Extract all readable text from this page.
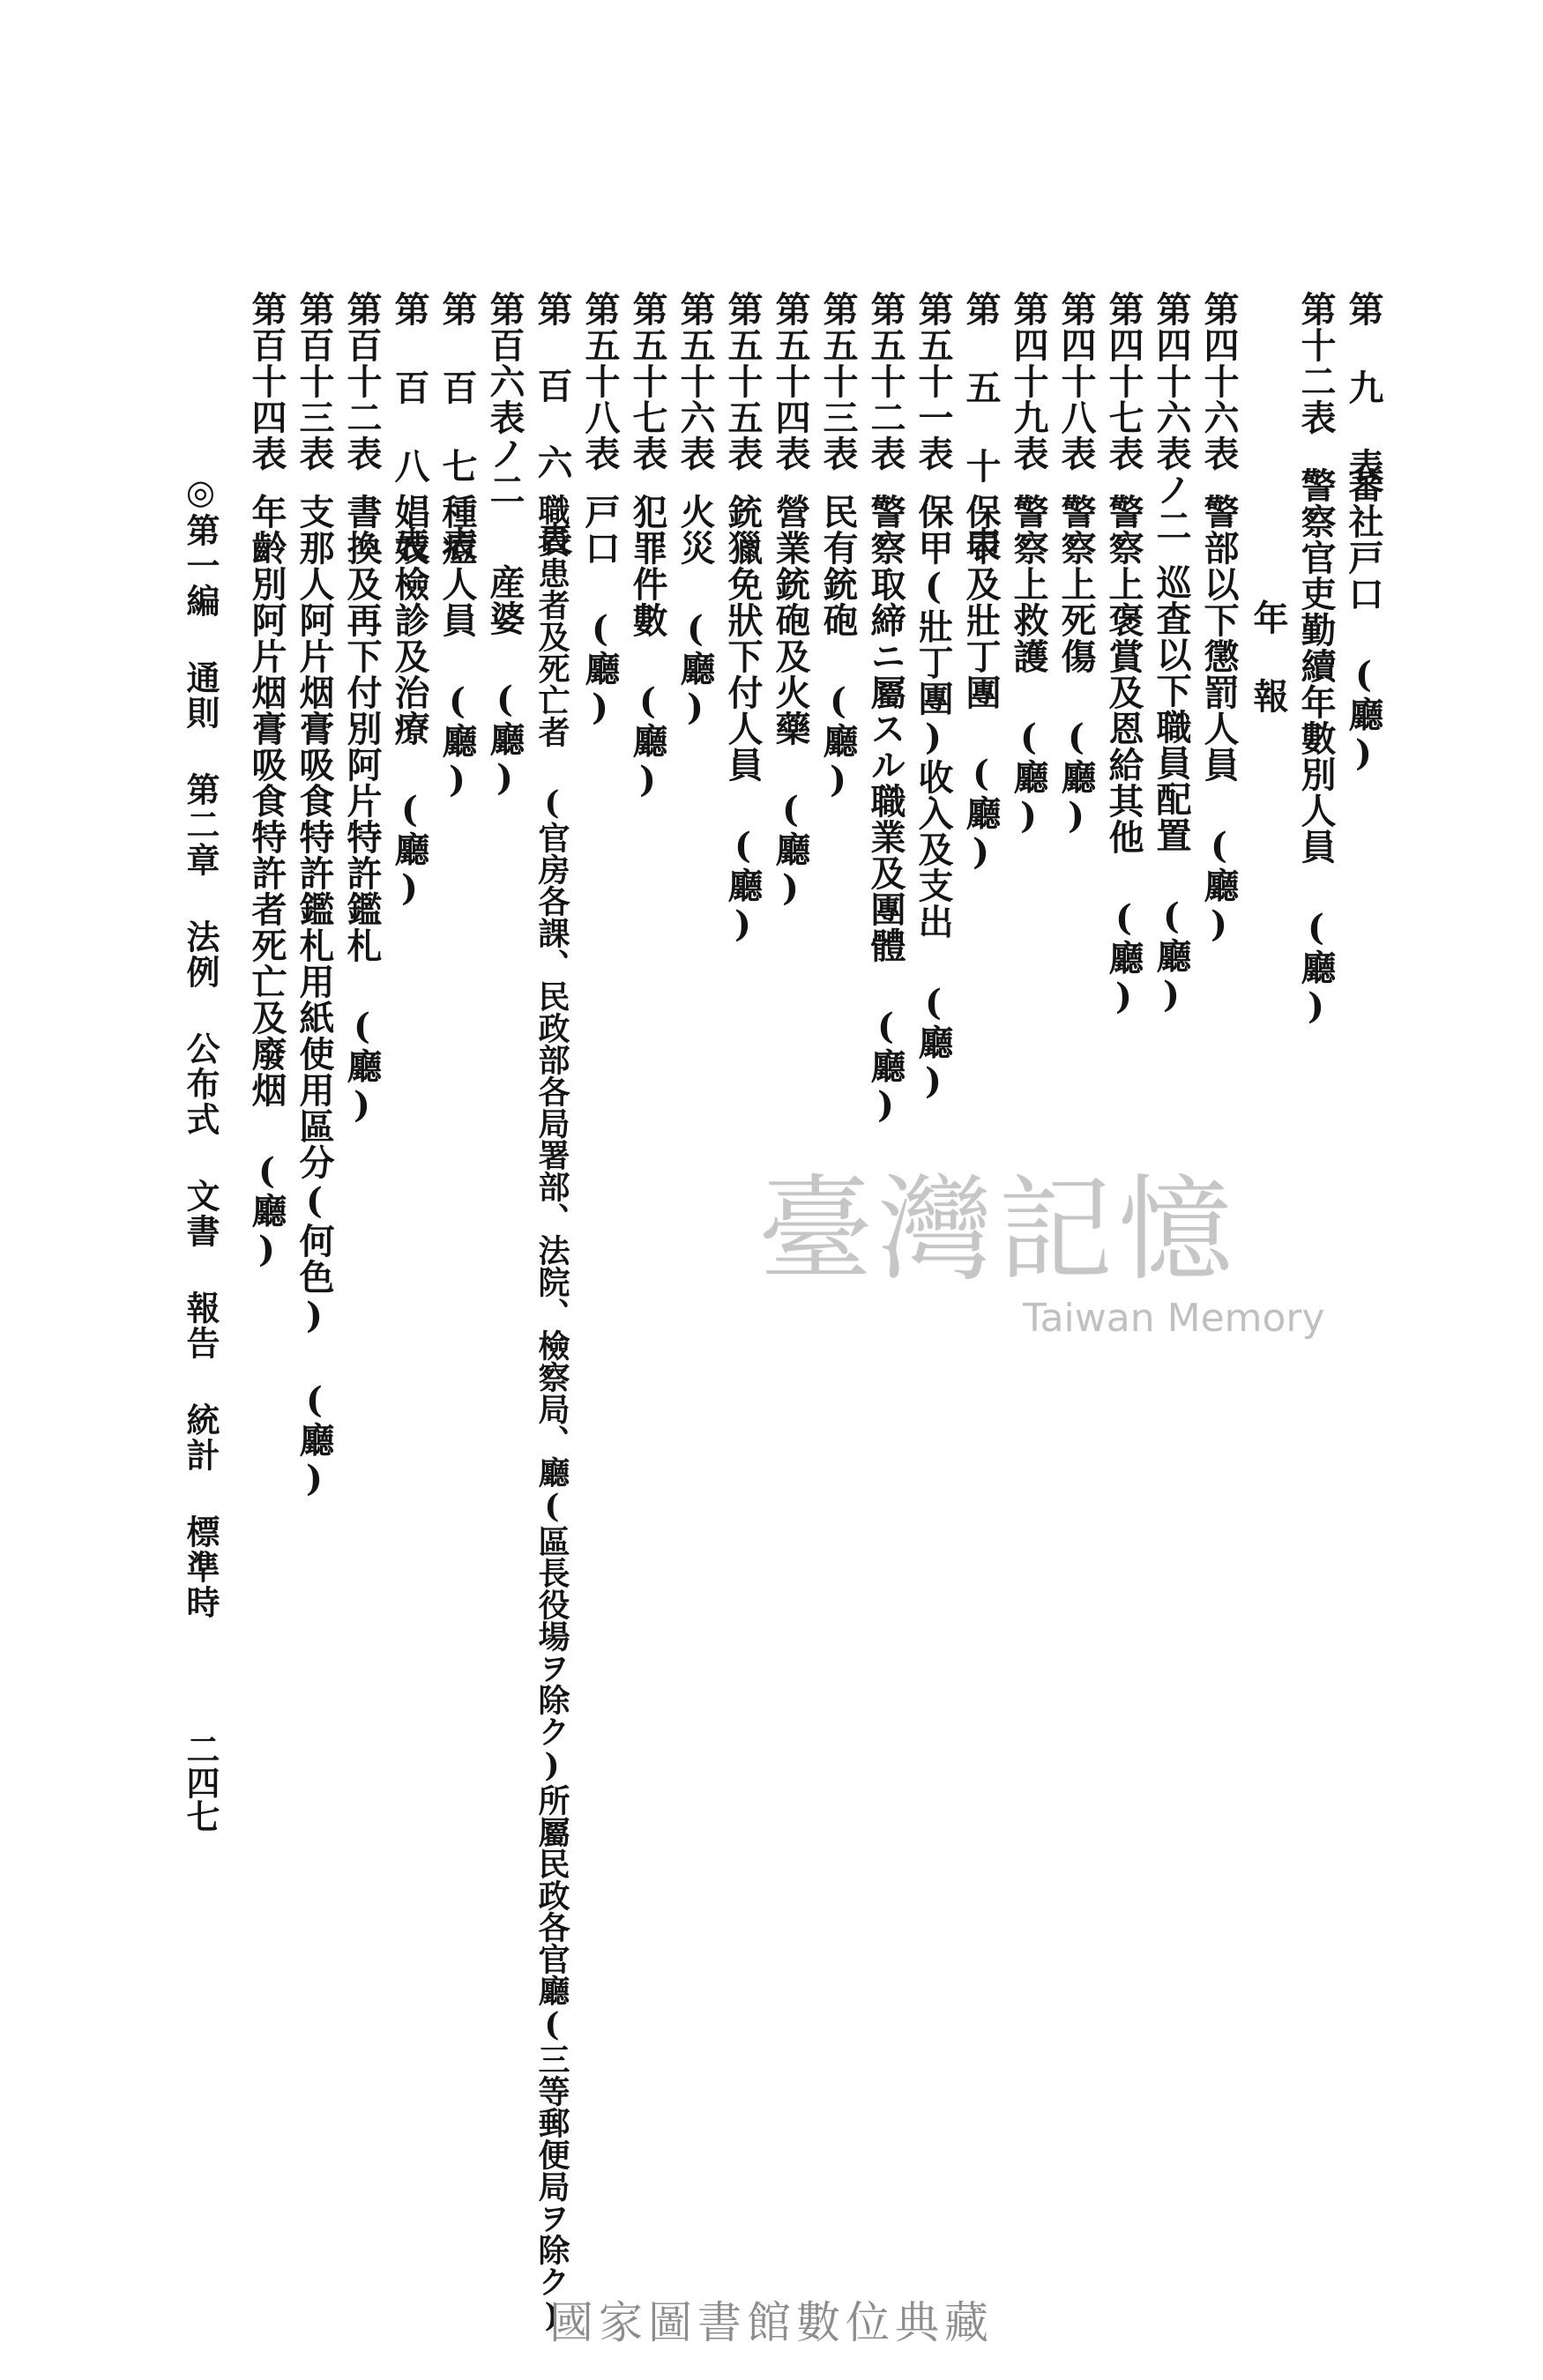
第 九 表蕃社戸口 (廳)
第十二表警察官吏勤續年數別人員 (廳)
年 報
第四十六表警部以下懲罰人員 (廳)
第四十六表ノ二巡査以下職員配置 (廳)
第四十七表警察上褒賞及恩給其他 (廳)
第四十八表警察上死傷 (廳)
第四十九表警察上救護 (廳)
第 五 十 表保甲及壯丁團 (廳)
第五十一表保甲(壯丁團)收入及支出 (廳)
第五十二表警察取締ニ屬スル職業及團體 (廳)
第五十三表民有銃砲 (廳)
第五十四表營業銃砲及火藥 (廳)
第五十五表銃獵免狀下付人員 (廳)
第五十六表火災 (廳)
第五十七表犯罪件數 (廳)
第五十八表戸口 (廳)
第 百 六 表職員患者及死亡者 (官房各課、民政部各局署部、法院、檢察局、廳(區長役場ヲ除ク)所屬民政各官廳(三等郵便局ヲ除ク)
第百六表ノ二産婆 (廳)
第 百 七 表種痘人員 (廳)
第 百 八 表娼妓檢診及治療 (廳)
第百十二表書換及再下付別阿片特許鑑札 (廳)
第百十三表支那人阿片烟膏吸食特許鑑札用紙使用區分(何色) (廳)
第百十四表年齡別阿片烟膏吸食特許者死亡及廢烟 (廳)
◎第一編 通則 第二章 法例 公布式 文書 報告 統計 標準時
二四七
臺灣記憶
Taiwan Memory
國家圖書館數位典藏
